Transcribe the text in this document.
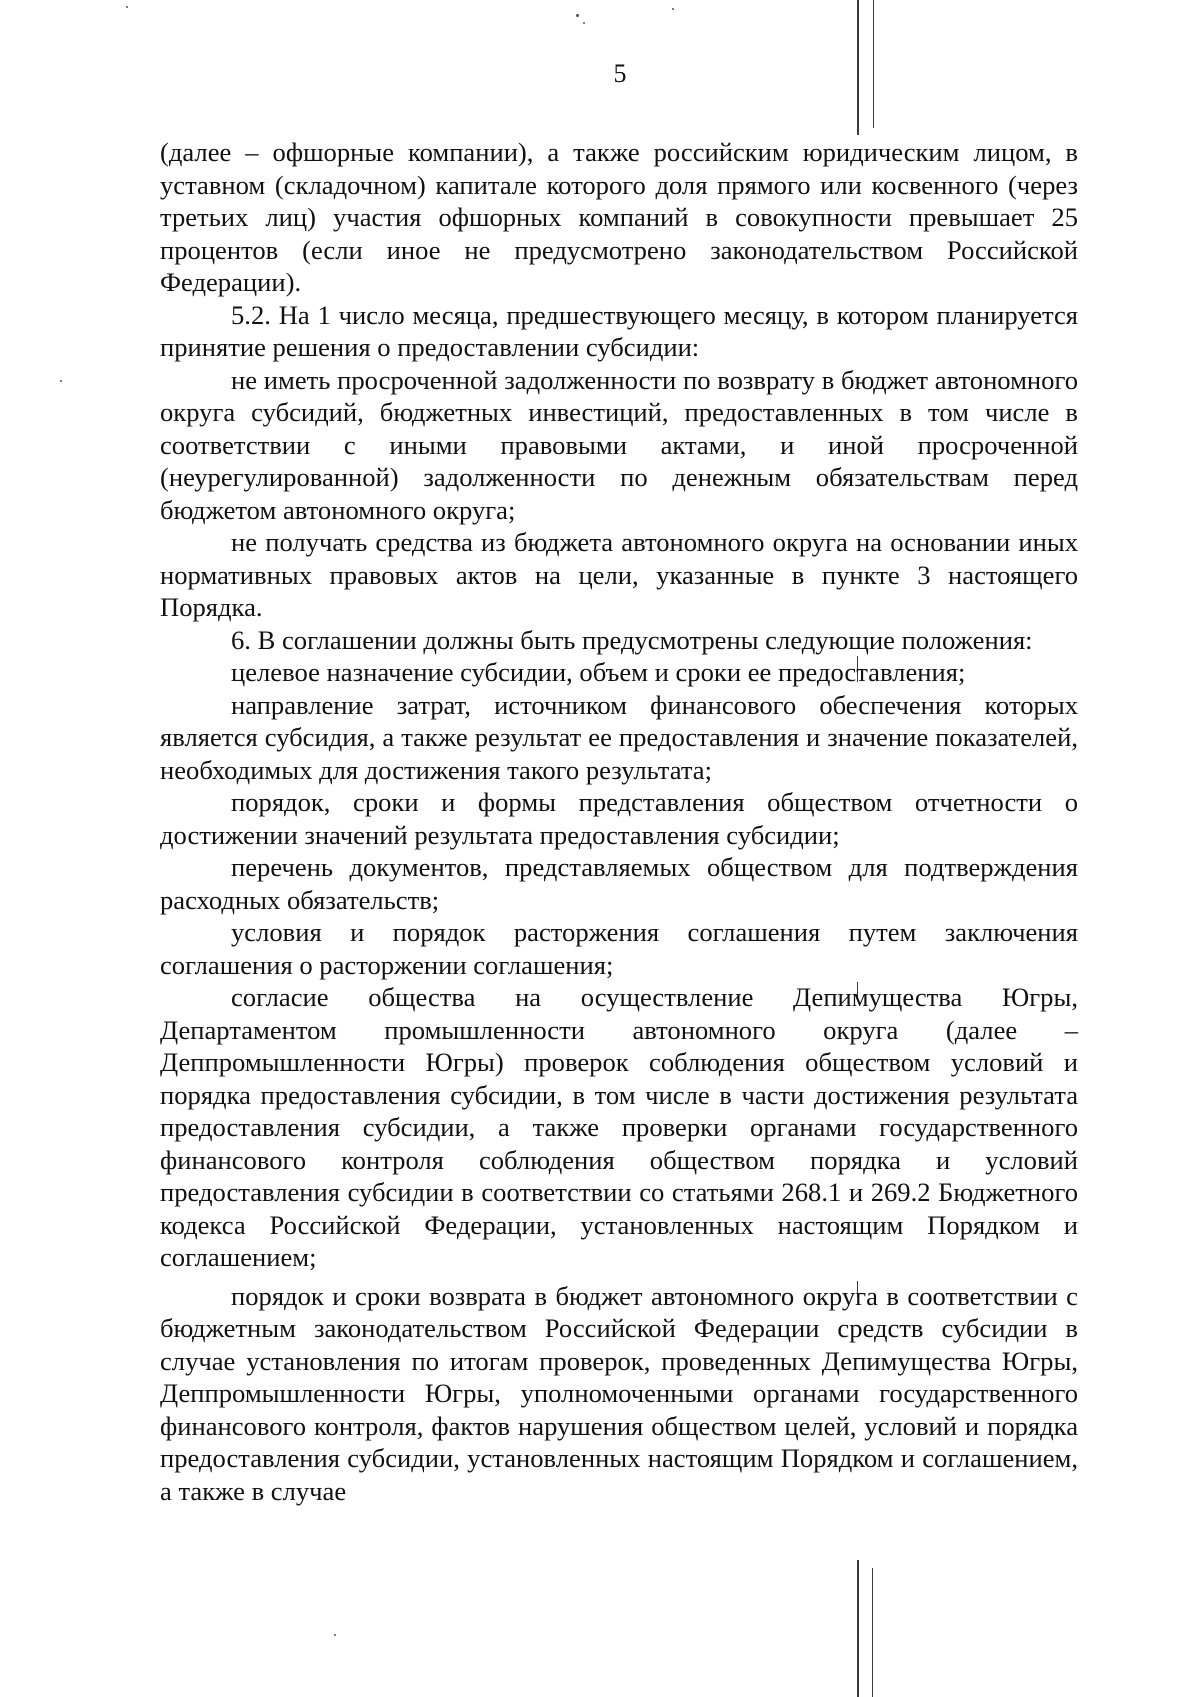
5

(далее – офшорные компании), а также российским юридическим лицом, в уставном (складочном) капитале которого доля прямого или косвенного (через третьих лиц) участия офшорных компаний в совокупности превышает 25 процентов (если иное не предусмотрено законодательством Российской Федерации).

5.2. На 1 число месяца, предшествующего месяцу, в котором планируется принятие решения о предоставлении субсидии:

не иметь просроченной задолженности по возврату в бюджет автономного округа субсидий, бюджетных инвестиций, предоставленных в том числе в соответствии с иными правовыми актами, и иной просроченной (неурегулированной) задолженности по денежным обязательствам перед бюджетом автономного округа;

не получать средства из бюджета автономного округа на основании иных нормативных правовых актов на цели, указанные в пункте 3 настоящего Порядка.

6. В соглашении должны быть предусмотрены следующие положения:

целевое назначение субсидии, объем и сроки ее предоставления;

направление затрат, источником финансового обеспечения которых является субсидия, а также результат ее предоставления и значение показателей, необходимых для достижения такого результата;

порядок, сроки и формы представления обществом отчетности о достижении значений результата предоставления субсидии;

перечень документов, представляемых обществом для подтверждения расходных обязательств;

условия и порядок расторжения соглашения путем заключения соглашения о расторжении соглашения;

согласие общества на осуществление Депимущества Югры, Департаментом промышленности автономного округа (далее – Деппромышленности Югры) проверок соблюдения обществом условий и порядка предоставления субсидии, в том числе в части достижения результата предоставления субсидии, а также проверки органами государственного финансового контроля соблюдения обществом порядка и условий предоставления субсидии в соответствии со статьями 268.1 и 269.2 Бюджетного кодекса Российской Федерации, установленных настоящим Порядком и соглашением;

порядок и сроки возврата в бюджет автономного округа в соответствии с бюджетным законодательством Российской Федерации средств субсидии в случае установления по итогам проверок, проведенных Депимущества Югры, Деппромышленности Югры, уполномоченными органами государственного финансового контроля, фактов нарушения обществом целей, условий и порядка предоставления субсидии, установленных настоящим Порядком и соглашением, а также в случае
